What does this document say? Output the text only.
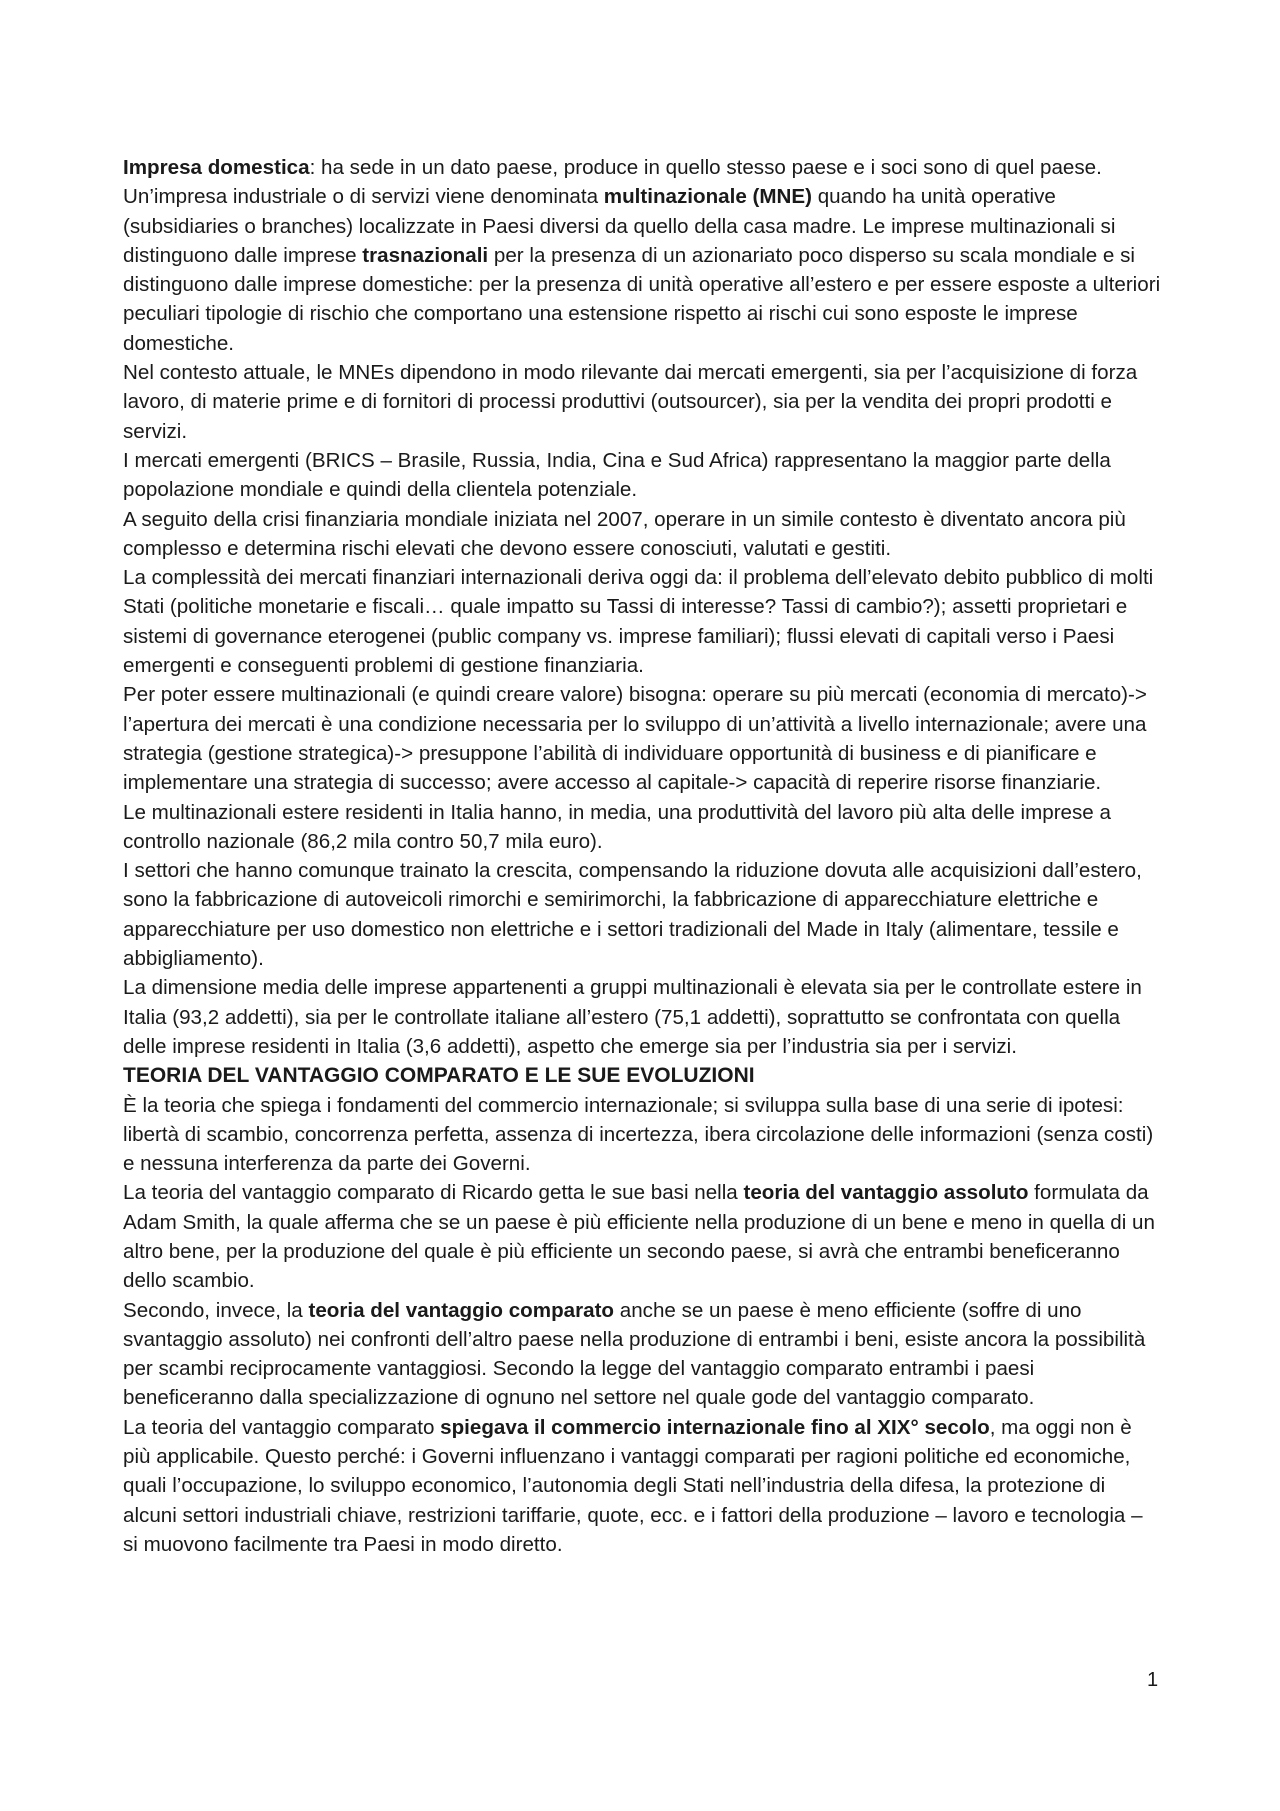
Impresa domestica: ha sede in un dato paese, produce in quello stesso paese e i soci sono di quel paese.

Un’impresa industriale o di servizi viene denominata multinazionale (MNE) quando ha unità operative (subsidiaries o branches) localizzate in Paesi diversi da quello della casa madre. Le imprese multinazionali si distinguono dalle imprese trasnazionali per la presenza di un azionariato poco disperso su scala mondiale e si distinguono dalle imprese domestiche: per la presenza di unità operative all’estero e per essere esposte a ulteriori peculiari tipologie di rischio che comportano una estensione rispetto ai rischi cui sono esposte le imprese domestiche.

Nel contesto attuale, le MNEs dipendono in modo rilevante dai mercati emergenti, sia per l’acquisizione di forza lavoro, di materie prime e di fornitori di processi produttivi (outsourcer), sia per la vendita dei propri prodotti e servizi.

I mercati emergenti (BRICS – Brasile, Russia, India, Cina e Sud Africa) rappresentano la maggior parte della popolazione mondiale e quindi della clientela potenziale.

A seguito della crisi finanziaria mondiale iniziata nel 2007, operare in un simile contesto è diventato ancora più complesso e determina rischi elevati che devono essere conosciuti, valutati e gestiti.

La complessità dei mercati finanziari internazionali deriva oggi da: il problema dell’elevato debito pubblico di molti Stati (politiche monetarie e fiscali… quale impatto su Tassi di interesse? Tassi di cambio?); assetti proprietari e sistemi di governance eterogenei (public company vs. imprese familiari); flussi elevati di capitali verso i Paesi emergenti e conseguenti problemi di gestione finanziaria.

Per poter essere multinazionali (e quindi creare valore) bisogna: operare su più mercati (economia di mercato)-> l’apertura dei mercati è una condizione necessaria per lo sviluppo di un’attività a livello internazionale; avere una strategia (gestione strategica)-> presuppone l’abilità di individuare opportunità di business e di pianificare e implementare una strategia di successo; avere accesso al capitale-> capacità di reperire risorse finanziarie.

Le multinazionali estere residenti in Italia hanno, in media, una produttività del lavoro più alta delle imprese a controllo nazionale (86,2 mila contro 50,7 mila euro).

I settori che hanno comunque trainato la crescita, compensando la riduzione dovuta alle acquisizioni dall’estero, sono la fabbricazione di autoveicoli rimorchi e semirimorchi, la fabbricazione di apparecchiature elettriche e apparecchiature per uso domestico non elettriche e i settori tradizionali del Made in Italy (alimentare, tessile e abbigliamento).

La dimensione media delle imprese appartenenti a gruppi multinazionali è elevata sia per le controllate estere in Italia (93,2 addetti), sia per le controllate italiane all’estero (75,1 addetti), soprattutto se confrontata con quella delle imprese residenti in Italia (3,6 addetti), aspetto che emerge sia per l’industria sia per i servizi.

TEORIA DEL VANTAGGIO COMPARATO E LE SUE EVOLUZIONI

È la teoria che spiega i fondamenti del commercio internazionale; si sviluppa sulla base di una serie di ipotesi: libertà di scambio, concorrenza perfetta, assenza di incertezza, ibera circolazione delle informazioni (senza costi) e nessuna interferenza da parte dei Governi.

La teoria del vantaggio comparato di Ricardo getta le sue basi nella teoria del vantaggio assoluto formulata da Adam Smith, la quale afferma che se un paese è più efficiente nella produzione di un bene e meno in quella di un altro bene, per la produzione del quale è più efficiente un secondo paese, si avrà che entrambi beneficeranno dello scambio.

Secondo, invece, la teoria del vantaggio comparato anche se un paese è meno efficiente (soffre di uno svantaggio assoluto) nei confronti dell’altro paese nella produzione di entrambi i beni, esiste ancora la possibilità per scambi reciprocamente vantaggiosi. Secondo la legge del vantaggio comparato entrambi i paesi beneficeranno dalla specializzazione di ognuno nel settore nel quale gode del vantaggio comparato.

La teoria del vantaggio comparato spiegava il commercio internazionale fino al XIX° secolo, ma oggi non è più applicabile. Questo perché: i Governi influenzano i vantaggi comparati per ragioni politiche ed economiche, quali l’occupazione, lo sviluppo economico, l’autonomia degli Stati nell’industria della difesa, la protezione di alcuni settori industriali chiave, restrizioni tariffarie, quote, ecc. e i fattori della produzione – lavoro e tecnologia – si muovono facilmente tra Paesi in modo diretto.

1
